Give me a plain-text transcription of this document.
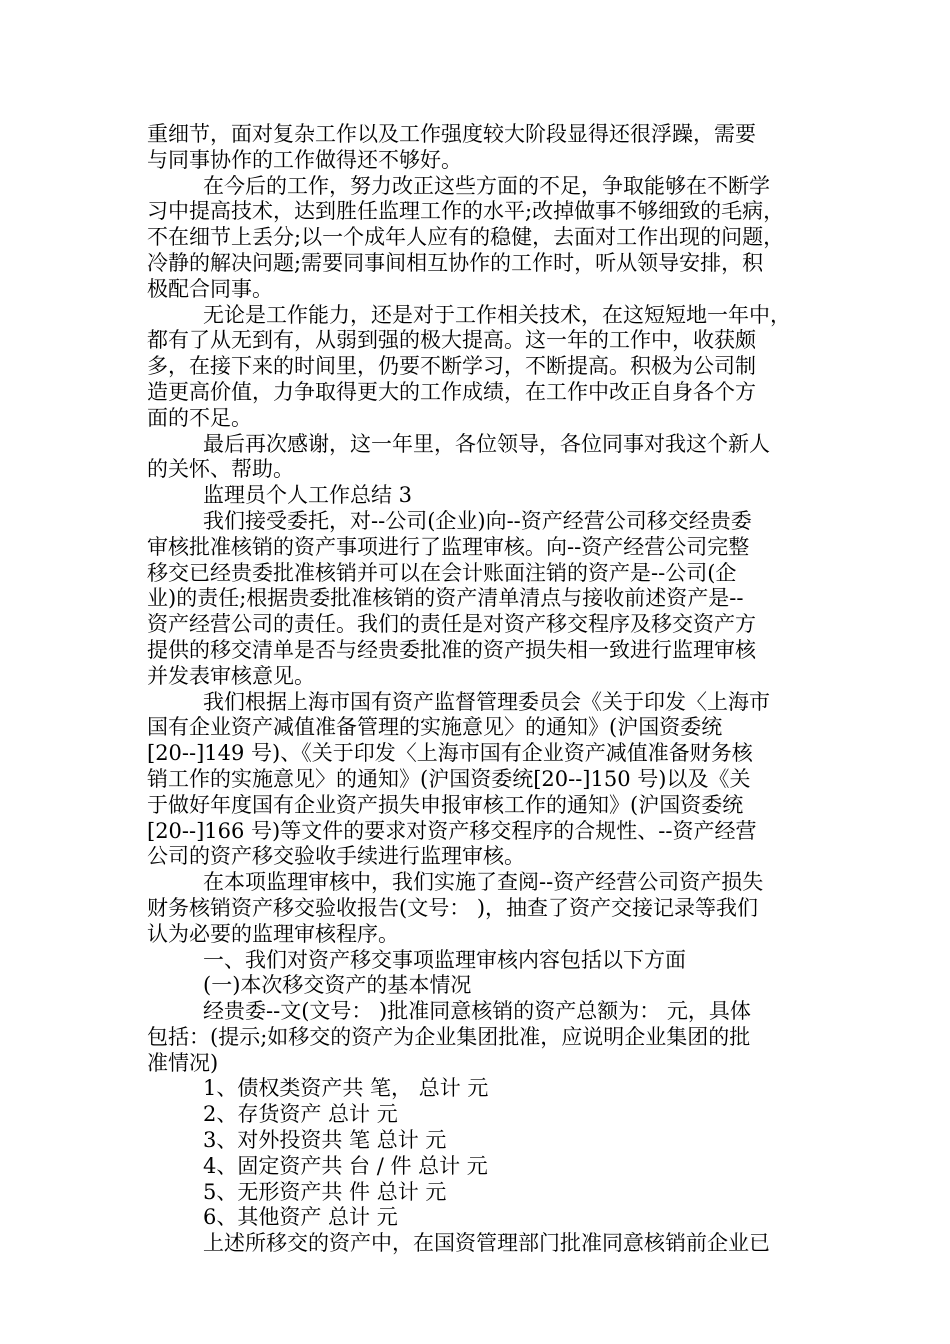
重细节，面对复杂工作以及工作强度较大阶段显得还很浮躁，需要
与同事协作的工作做得还不够好。
在今后的工作，努力改正这些方面的不足，争取能够在不断学
习中提高技术，达到胜任监理工作的水平;改掉做事不够细致的毛病，
不在细节上丢分;以一个成年人应有的稳健，去面对工作出现的问题，
冷静的解决问题;需要同事间相互协作的工作时，听从领导安排，积
极配合同事。
无论是工作能力，还是对于工作相关技术，在这短短地一年中，
都有了从无到有，从弱到强的极大提高。这一年的工作中，收获颇
多，在接下来的时间里，仍要不断学习，不断提高。积极为公司制
造更高价值，力争取得更大的工作成绩，在工作中改正自身各个方
面的不足。
最后再次感谢，这一年里，各位领导，各位同事对我这个新人
的关怀、帮助。
监理员个人工作总结 3
我们接受委托，对--公司(企业)向--资产经营公司移交经贵委
审核批准核销的资产事项进行了监理审核。向--资产经营公司完整
移交已经贵委批准核销并可以在会计账面注销的资产是--公司(企
业)的责任;根据贵委批准核销的资产清单清点与接收前述资产是--
资产经营公司的责任。我们的责任是对资产移交程序及移交资产方
提供的移交清单是否与经贵委批准的资产损失相一致进行监理审核
并发表审核意见。
我们根据上海市国有资产监督管理委员会《关于印发〈上海市
国有企业资产减值准备管理的实施意见〉的通知》(沪国资委统
[20--]149 号)、《关于印发〈上海市国有企业资产减值准备财务核
销工作的实施意见〉的通知》(沪国资委统[20--]150 号)以及《关
于做好年度国有企业资产损失申报审核工作的通知》(沪国资委统
[20--]166 号)等文件的要求对资产移交程序的合规性、--资产经营
公司的资产移交验收手续进行监理审核。
在本项监理审核中，我们实施了查阅--资产经营公司资产损失
财务核销资产移交验收报告(文号： )，抽查了资产交接记录等我们
认为必要的监理审核程序。
一、我们对资产移交事项监理审核内容包括以下方面
(一)本次移交资产的基本情况
经贵委--文(文号： )批准同意核销的资产总额为： 元，具体
包括：(提示;如移交的资产为企业集团批准，应说明企业集团的批
准情况)
1、债权类资产共 笔， 总计 元
2、存货资产 总计 元
3、对外投资共 笔 总计 元
4、固定资产共 台 / 件 总计 元
5、无形资产共 件 总计 元
6、其他资产 总计 元
上述所移交的资产中，在国资管理部门批准同意核销前企业已
